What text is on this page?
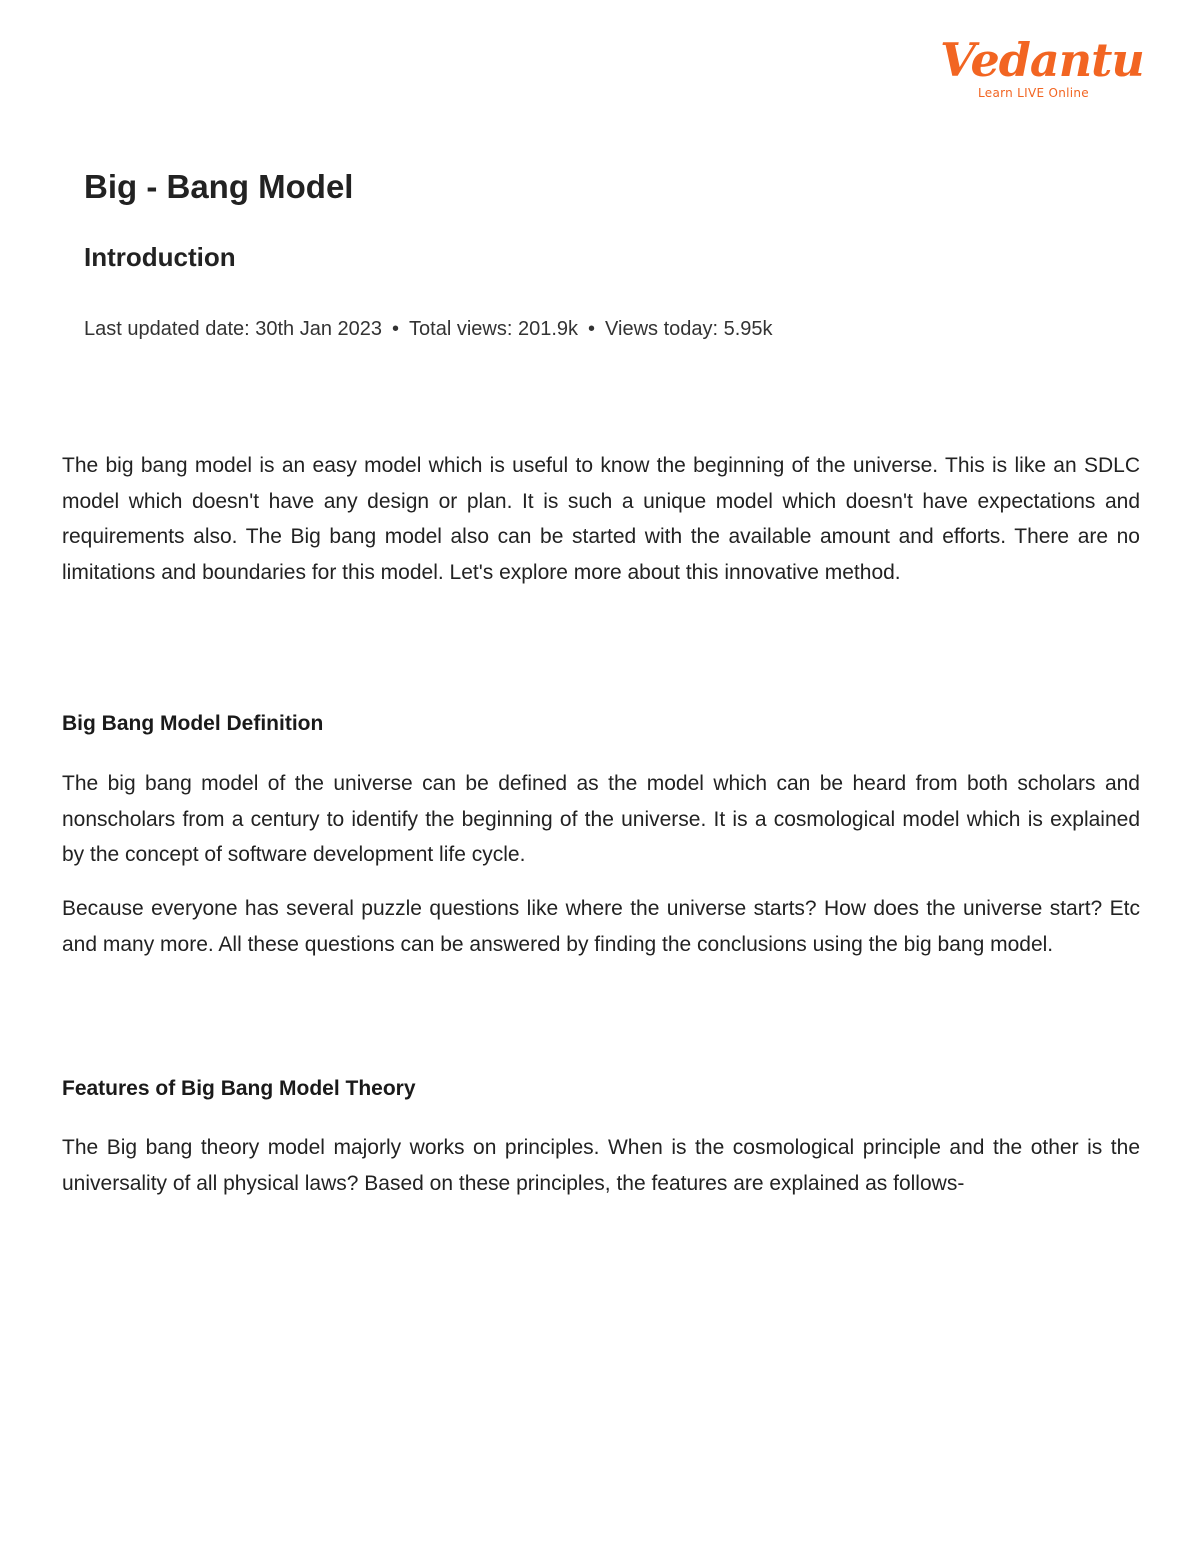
Vedantu
Learn LIVE Online
Big - Bang Model
Introduction
Last updated date: 30th Jan 2023 • Total views: 201.9k • Views today: 5.95k

The big bang model is an easy model which is useful to know the beginning of the universe. This is like an SDLC model which doesn't have any design or plan. It is such a unique model which doesn't have expectations and requirements also. The Big bang model also can be started with the available amount and efforts. There are no limitations and boundaries for this model. Let's explore more about this innovative method.

Big Bang Model Definition

The big bang model of the universe can be defined as the model which can be heard from both scholars and nonscholars from a century to identify the beginning of the universe. It is a cosmological model which is explained by the concept of software development life cycle.

Because everyone has several puzzle questions like where the universe starts? How does the universe start? Etc and many more. All these questions can be answered by finding the conclusions using the big bang model.

Features of Big Bang Model Theory

The Big bang theory model majorly works on principles. When is the cosmological principle and the other is the universality of all physical laws? Based on these principles, the features are explained as follows-
